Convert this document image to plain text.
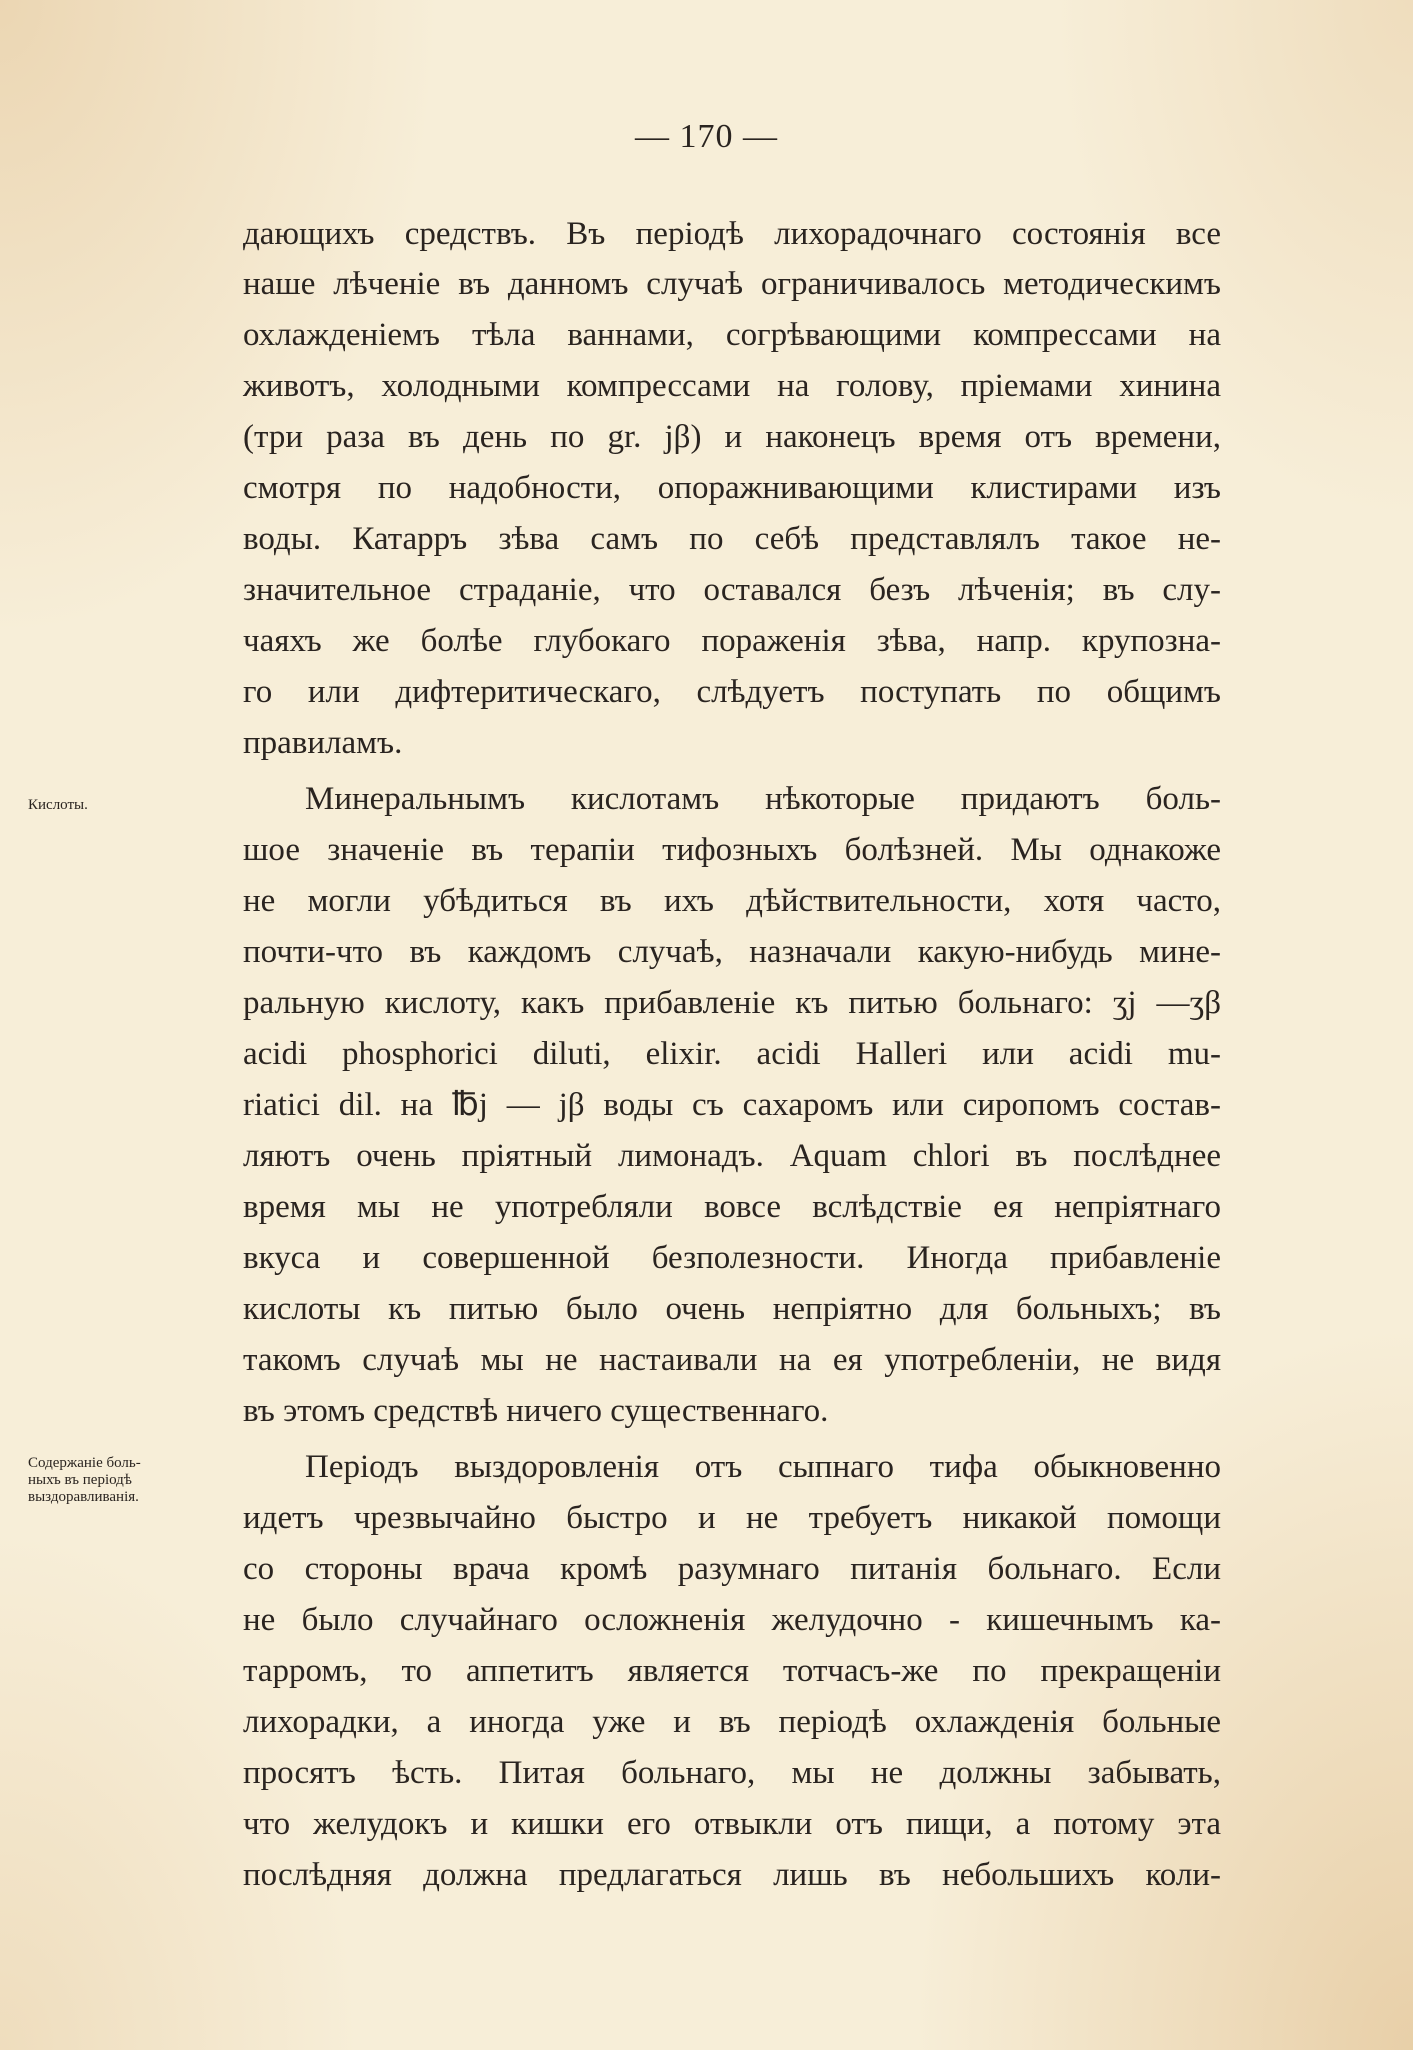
— 170 —
Кислоты.
Содержаніе боль-
ныхъ въ періодѣ
выздоравливанія.
дающихъ средствъ. Въ періодѣ лихорадочнаго состоянія все
наше лѣченіе въ данномъ случаѣ ограничивалось методическимъ
охлажденіемъ тѣла ваннами, согрѣвающими компрессами на
животъ, холодными компрессами на голову, пріемами хинина
(три раза въ день по gr. jβ) и наконецъ время отъ времени,
смотря по надобности, опоражнивающими клистирами изъ
воды. Катарръ зѣва самъ по себѣ представлялъ такое не-
значительное страданіе, что оставался безъ лѣченія; въ слу-
чаяхъ же болѣе глубокаго пораженія зѣва, напр. крупозна-
го или дифтеритическаго, слѣдуетъ поступать по общимъ
правиламъ.
Минеральнымъ кислотамъ нѣкоторые придаютъ боль-
шое значеніе въ терапіи тифозныхъ болѣзней. Мы однакоже
не могли убѣдиться въ ихъ дѣйствительности, хотя часто,
почти-что въ каждомъ случаѣ, назначали какую-нибудь мине-
ральную кислоту, какъ прибавленіе къ питью больнаго: ʒj —ʒβ
acidi phosphorici diluti, elixir. acidi Halleri или acidi mu-
riatici dil. на ℔j — jβ воды съ сахаромъ или сиропомъ состав-
ляютъ очень пріятный лимонадъ. Aquam chlori въ послѣднее
время мы не употребляли вовсе вслѣдствіе ея непріятнаго
вкуса и совершенной безполезности. Иногда прибавленіе
кислоты къ питью было очень непріятно для больныхъ; въ
такомъ случаѣ мы не настаивали на ея употребленіи, не видя
въ этомъ средствѣ ничего существеннаго.
Періодъ выздоровленія отъ сыпнаго тифа обыкновенно
идетъ чрезвычайно быстро и не требуетъ никакой помощи
со стороны врача кромѣ разумнаго питанія больнаго. Если
не было случайнаго осложненія желудочно - кишечнымъ ка-
тарромъ, то аппетитъ является тотчасъ-же по прекращеніи
лихорадки, а иногда уже и въ періодѣ охлажденія больные
просятъ ѣсть. Питая больнаго, мы не должны забывать,
что желудокъ и кишки его отвыкли отъ пищи, а потому эта
послѣдняя должна предлагаться лишь въ небольшихъ коли-
